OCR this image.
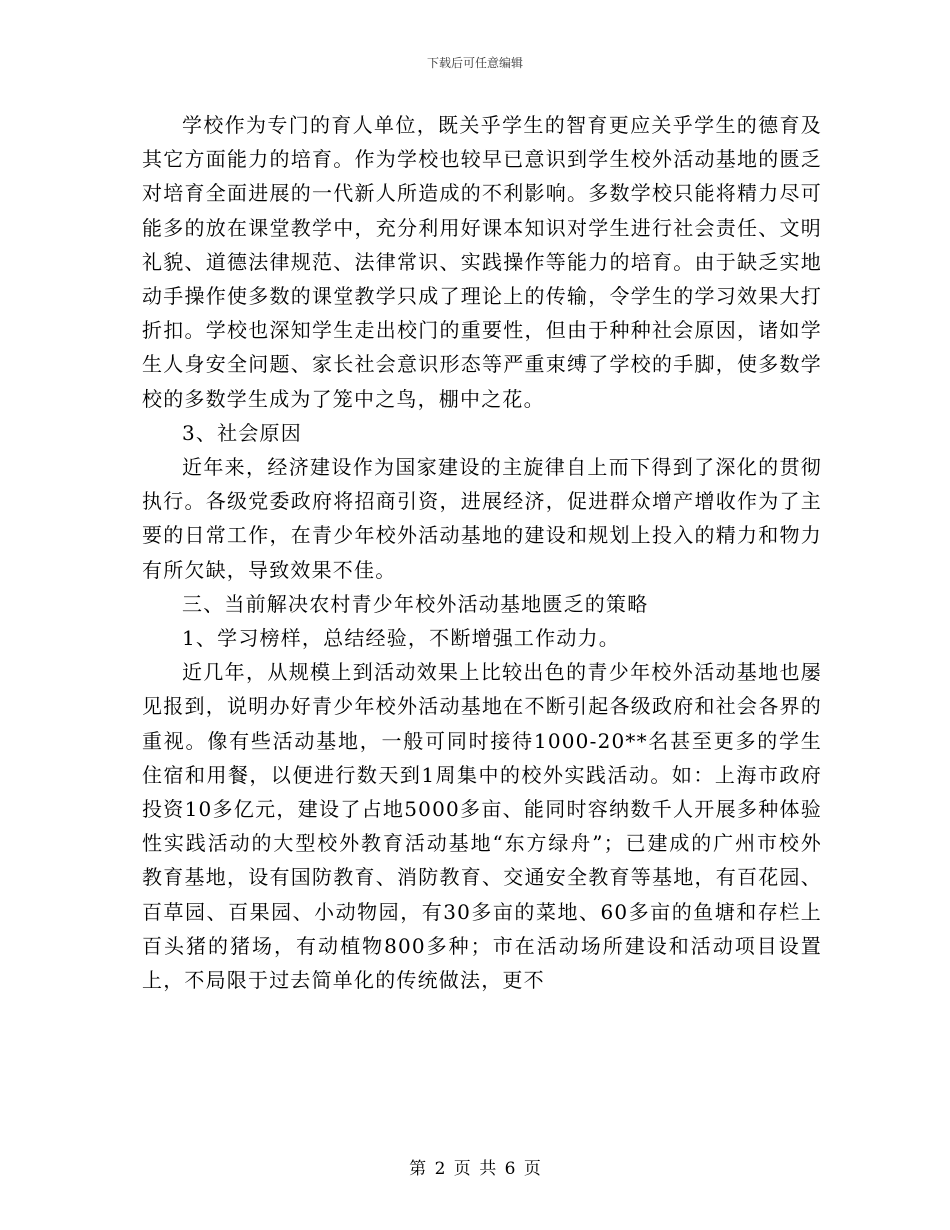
下载后可任意编辑

学校作为专门的育人单位，既关乎学生的智育更应关乎学生的德育及其它方面能力的培育。作为学校也较早已意识到学生校外活动基地的匮乏对培育全面进展的一代新人所造成的不利影响。多数学校只能将精力尽可能多的放在课堂教学中，充分利用好课本知识对学生进行社会责任、文明礼貌、道德法律规范、法律常识、实践操作等能力的培育。由于缺乏实地动手操作使多数的课堂教学只成了理论上的传输，令学生的学习效果大打折扣。学校也深知学生走出校门的重要性，但由于种种社会原因，诸如学生人身安全问题、家长社会意识形态等严重束缚了学校的手脚，使多数学校的多数学生成为了笼中之鸟，棚中之花。

3、社会原因

近年来，经济建设作为国家建设的主旋律自上而下得到了深化的贯彻执行。各级党委政府将招商引资，进展经济，促进群众增产增收作为了主要的日常工作，在青少年校外活动基地的建设和规划上投入的精力和物力有所欠缺，导致效果不佳。

三、当前解决农村青少年校外活动基地匮乏的策略

1、学习榜样，总结经验，不断增强工作动力。

近几年，从规模上到活动效果上比较出色的青少年校外活动基地也屡见报到，说明办好青少年校外活动基地在不断引起各级政府和社会各界的重视。像有些活动基地，一般可同时接待1000-20**名甚至更多的学生住宿和用餐，以便进行数天到1周集中的校外实践活动。如：上海市政府投资10多亿元，建设了占地5000多亩、能同时容纳数千人开展多种体验性实践活动的大型校外教育活动基地“东方绿舟”；已建成的广州市校外教育基地，设有国防教育、消防教育、交通安全教育等基地，有百花园、百草园、百果园、小动物园，有30多亩的菜地、60多亩的鱼塘和存栏上百头猪的猪场，有动植物800多种；市在活动场所建设和活动项目设置上，不局限于过去简单化的传统做法，更不

第 2 页 共 6 页
